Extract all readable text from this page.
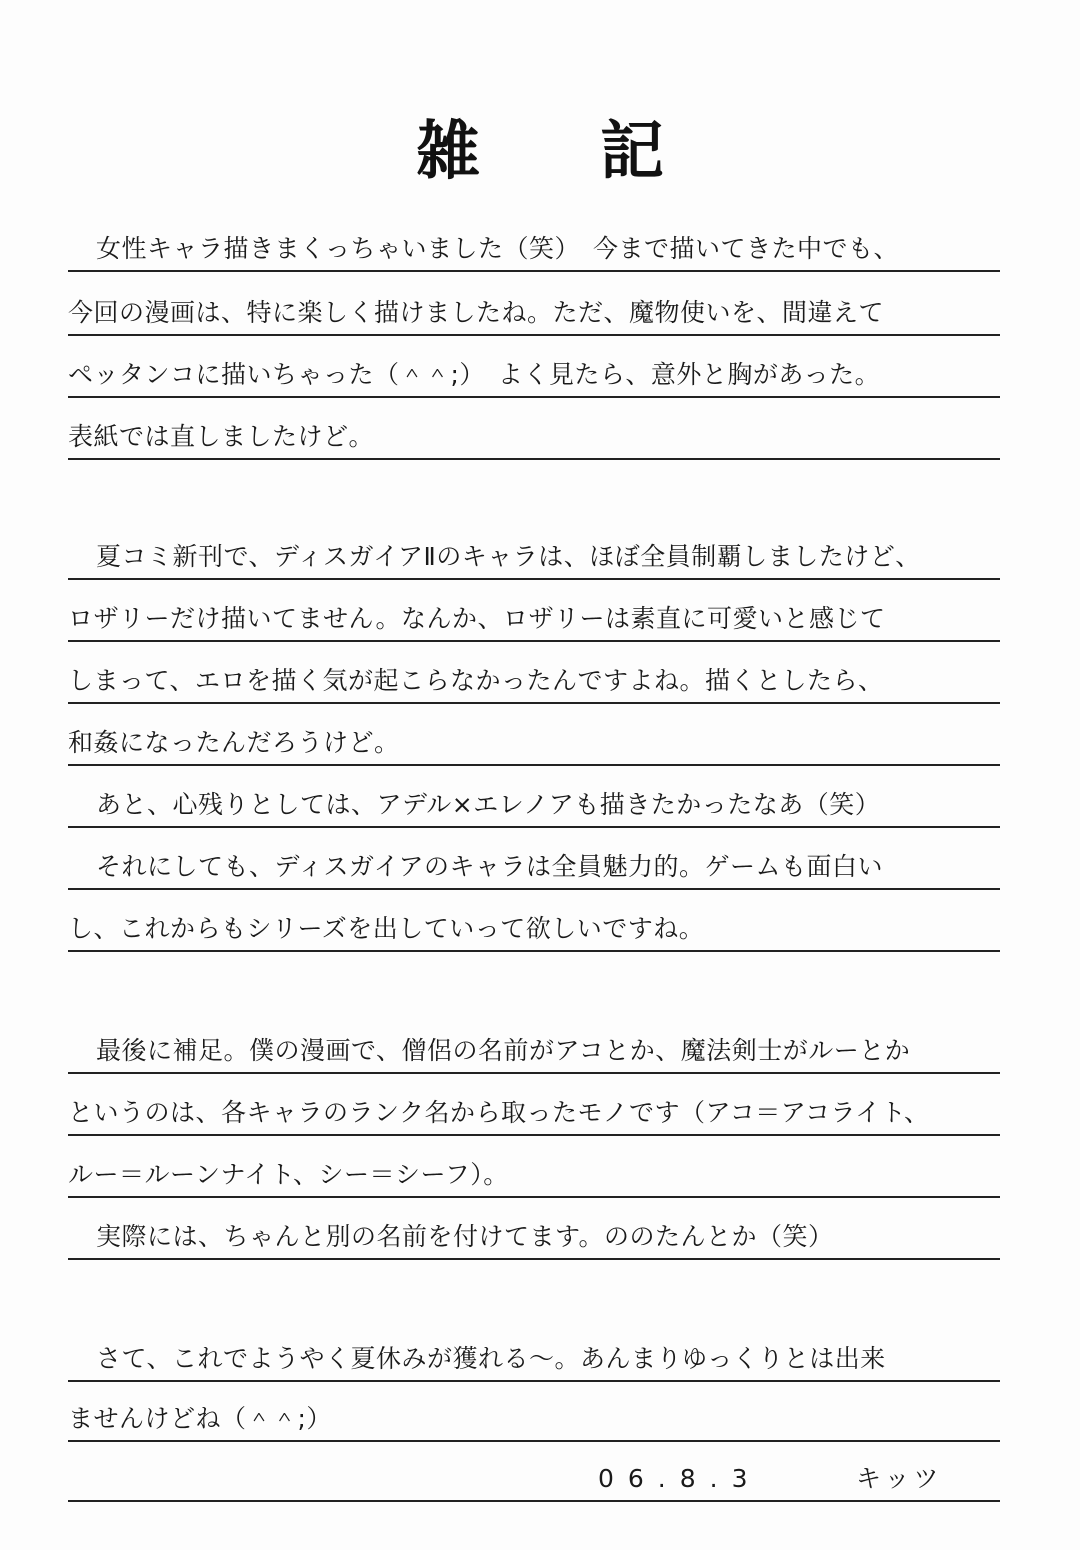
雑 記
女性キャラ描きまくっちゃいました（笑）　今まで描いてきた中でも、
今回の漫画は、特に楽しく描けましたね。ただ、魔物使いを、間違えて
ペッタンコに描いちゃった（＾＾;）　よく見たら、意外と胸があった。
表紙では直しましたけど。
夏コミ新刊で、ディスガイアⅡのキャラは、ほぼ全員制覇しましたけど、
ロザリーだけ描いてません。なんか、ロザリーは素直に可愛いと感じて
しまって、エロを描く気が起こらなかったんですよね。描くとしたら、
和姦になったんだろうけど。
あと、心残りとしては、アデル×エレノアも描きたかったなあ（笑）
それにしても、ディスガイアのキャラは全員魅力的。ゲームも面白い
し、これからもシリーズを出していって欲しいですね。
最後に補足。僕の漫画で、僧侶の名前がアコとか、魔法剣士がルーとか
というのは、各キャラのランク名から取ったモノです（アコ＝アコライト、
ルー＝ルーンナイト、シー＝シーフ）。
実際には、ちゃんと別の名前を付けてます。ののたんとか（笑）
さて、これでようやく夏休みが獲れる～。あんまりゆっくりとは出来
ませんけどね（＾＾;）
06.8.3	キッツ
